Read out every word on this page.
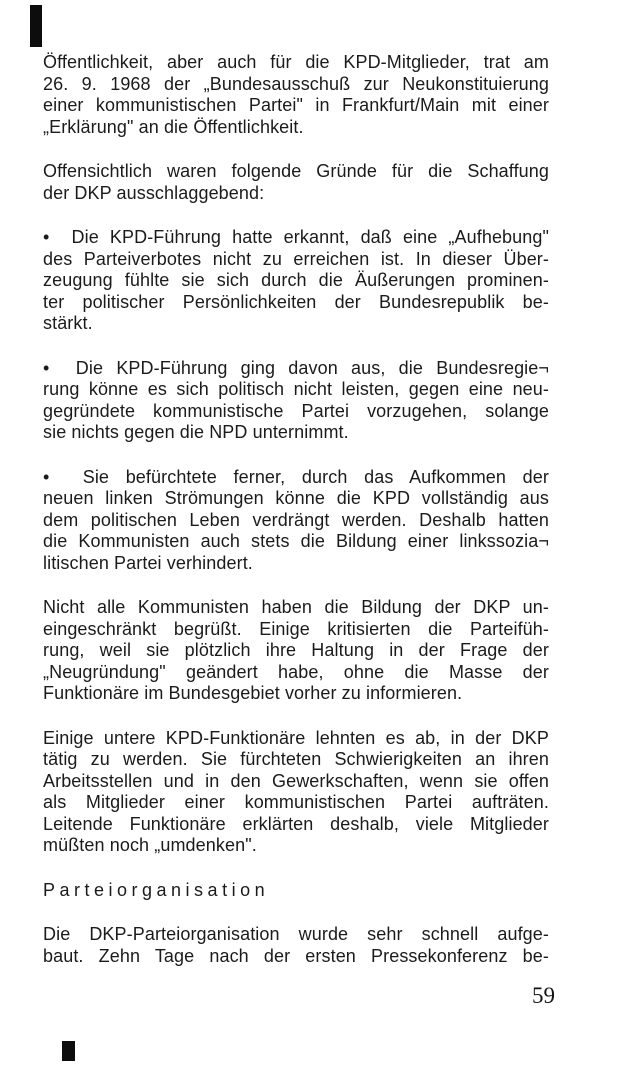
Öffentlichkeit, aber auch für die KPD-Mitglieder, trat am
26. 9. 1968 der „Bundesausschuß zur Neukonstituierung
einer kommunistischen Partei" in Frankfurt/Main mit einer
„Erklärung" an die Öffentlichkeit.
Offensichtlich waren folgende Gründe für die Schaffung
der DKP ausschlaggebend:
•  Die KPD-Führung hatte erkannt, daß eine „Aufhebung"
des Parteiverbotes nicht zu erreichen ist. In dieser Über-
zeugung fühlte sie sich durch die Äußerungen prominen-
ter politischer Persönlichkeiten der Bundesrepublik be-
stärkt.
•  Die KPD-Führung ging davon aus, die Bundesregie¬
rung könne es sich politisch nicht leisten, gegen eine neu-
gegründete kommunistische Partei vorzugehen, solange
sie nichts gegen die NPD unternimmt.
•  Sie befürchtete ferner, durch das Aufkommen der
neuen linken Strömungen könne die KPD vollständig aus
dem politischen Leben verdrängt werden. Deshalb hatten
die Kommunisten auch stets die Bildung einer linkssozia¬
litischen Partei verhindert.
Nicht alle Kommunisten haben die Bildung der DKP un-
eingeschränkt begrüßt. Einige kritisierten die Parteifüh-
rung, weil sie plötzlich ihre Haltung in der Frage der
„Neugründung" geändert habe, ohne die Masse der
Funktionäre im Bundesgebiet vorher zu informieren.
Einige untere KPD-Funktionäre lehnten es ab, in der DKP
tätig zu werden. Sie fürchteten Schwierigkeiten an ihren
Arbeitsstellen und in den Gewerkschaften, wenn sie offen
als Mitglieder einer kommunistischen Partei aufträten.
Leitende Funktionäre erklärten deshalb, viele Mitglieder
müßten noch „umdenken".
Parteiorganisation
Die DKP-Parteiorganisation wurde sehr schnell aufge-
baut. Zehn Tage nach der ersten Pressekonferenz be-
59
